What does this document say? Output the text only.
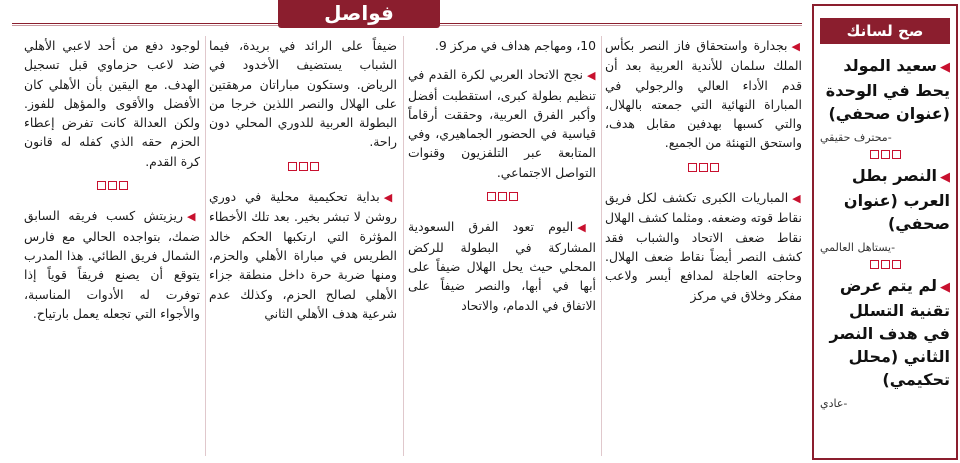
فواصل
صح لسانك
◀سعيد المولد يحط في الوحدة (عنوان صحفي)
-محترف حقيقي
◀النصر بطل العرب (عنوان صحفي)
-يستاهل العالمي
◀لم يتم عرض تقنية التسلل في هدف النصر الثاني (محلل تحكيمي)
-عادي

◀بجدارة واستحقاق فاز النصر بكأس الملك سلمان للأندية العربية بعد أن قدم الأداء العالي والرجولي في المباراة النهائية التي جمعته بالهلال، والتي كسبها بهدفين مقابل هدف، واستحق التهنئة من الجميع.

◀المباريات الكبرى تكشف لكل فريق نقاط قوته وضعفه. ومثلما كشف الهلال نقاط ضعف الاتحاد والشباب فقد كشف النصر أيضاً نقاط ضعف الهلال. وحاجته العاجلة لمدافع أيسر ولاعب مفكر وخلاق في مركز

10، ومهاجم هداف في مركز 9.

◀نجح الاتحاد العربي لكرة القدم في تنظيم بطولة كبرى، استقطبت أفضل وأكبر الفرق العربية، وحققت أرقاماً قياسية في الحضور الجماهيري، وفي المتابعة عبر التلفزيون وقنوات التواصل الاجتماعي.

◀اليوم تعود الفرق السعودية المشاركة في البطولة للركض المحلي حيث يحل الهلال ضيفاً على أبها في أبها، والنصر ضيفاً على الاتفاق في الدمام، والاتحاد

ضيفاً على الرائد في بريدة، فيما الشباب يستضيف الأخدود في الرياض. وستكون مباراتان مرهقتين على الهلال والنصر اللذين خرجا من البطولة العربية للدوري المحلي دون راحة.

◀بداية تحكيمية محلية في دوري روشن لا تبشر بخير. بعد تلك الأخطاء المؤثرة التي ارتكبها الحكم خالد الطريس في مباراة الأهلي والحزم، ومنها ضربة حرة داخل منطقة جزاء الأهلي لصالح الحزم، وكذلك عدم شرعية هدف الأهلي الثاني

لوجود دفع من أحد لاعبي الأهلي ضد لاعب حزماوي قبل تسجيل الهدف. مع اليقين بأن الأهلي كان الأفضل والأقوى والمؤهل للفوز. ولكن العدالة كانت تفرض إعطاء الحزم حقه الذي كفله له قانون كرة القدم.

◀ريزيتش كسب فريقه السابق ضمك، بتواجده الحالي مع فارس الشمال فريق الطائي. هذا المدرب يتوقع أن يصنع فريقاً قوياً إذا توفرت له الأدوات المناسبة، والأجواء التي تجعله يعمل بارتياح.
